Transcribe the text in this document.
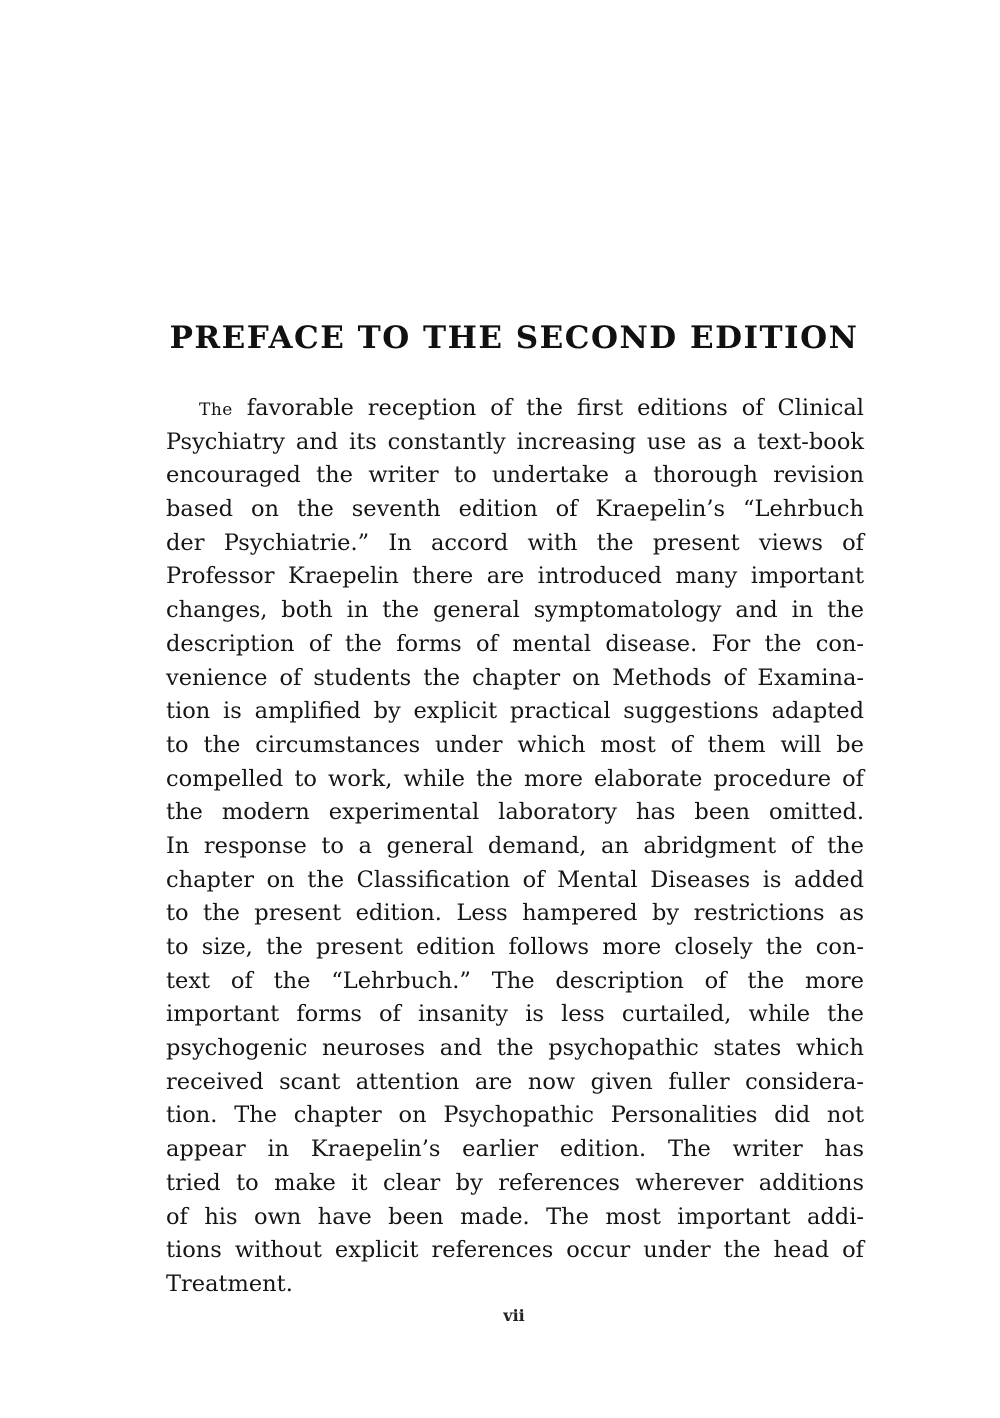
PREFACE TO THE SECOND EDITION
The favorable reception of the first editions of Clinical
Psychiatry and its constantly increasing use as a text-book
encouraged the writer to undertake a thorough revision
based on the seventh edition of Kraepelin’s “Lehrbuch
der Psychiatrie.” In accord with the present views of
Professor Kraepelin there are introduced many important
changes, both in the general symptomatology and in the
description of the forms of mental disease. For the con-
venience of students the chapter on Methods of Examina-
tion is amplified by explicit practical suggestions adapted
to the circumstances under which most of them will be
compelled to work, while the more elaborate procedure of
the modern experimental laboratory has been omitted.
In response to a general demand, an abridgment of the
chapter on the Classification of Mental Diseases is added
to the present edition. Less hampered by restrictions as
to size, the present edition follows more closely the con-
text of the “Lehrbuch.” The description of the more
important forms of insanity is less curtailed, while the
psychogenic neuroses and the psychopathic states which
received scant attention are now given fuller considera-
tion. The chapter on Psychopathic Personalities did not
appear in Kraepelin’s earlier edition. The writer has
tried to make it clear by references wherever additions
of his own have been made. The most important addi-
tions without explicit references occur under the head of
Treatment.
vii
